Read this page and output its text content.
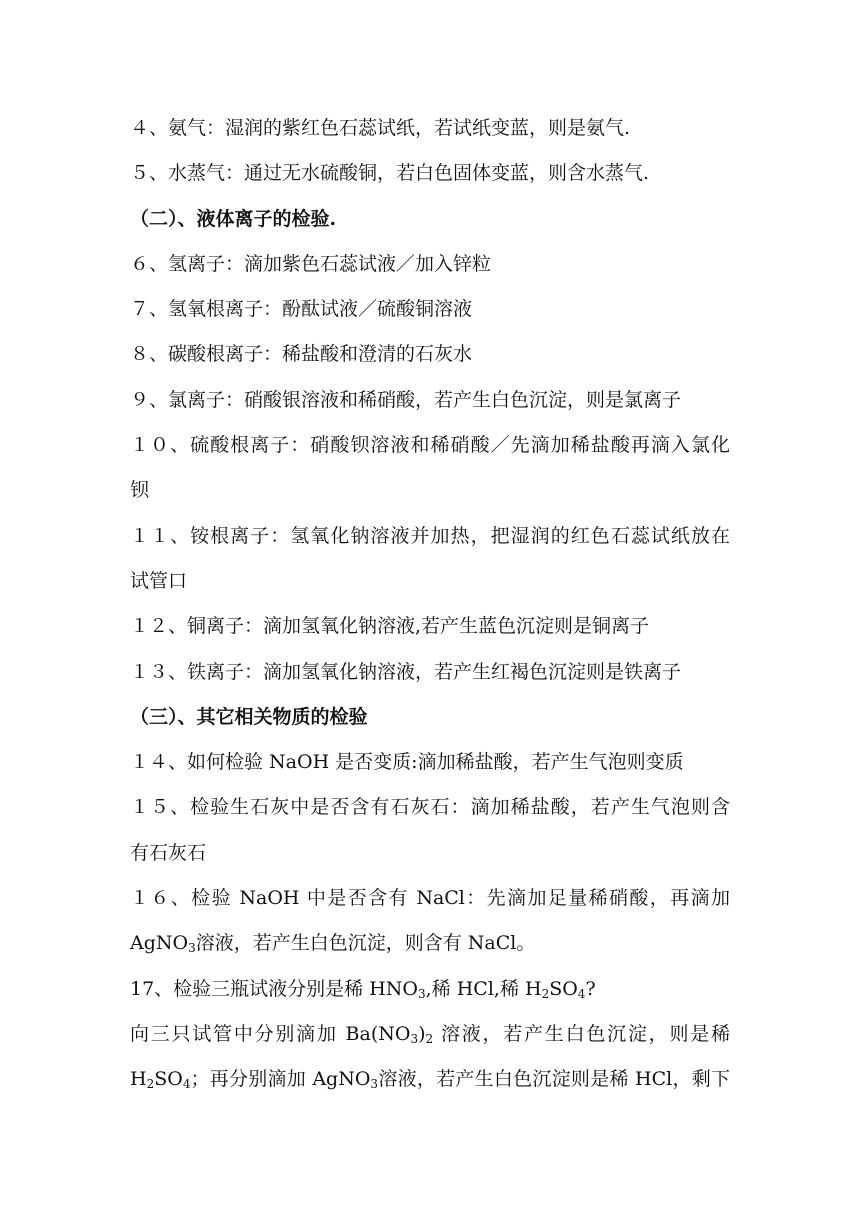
４、氨气：湿润的紫红色石蕊试纸，若试纸变蓝，则是氨气.
５、水蒸气：通过无水硫酸铜，若白色固体变蓝，则含水蒸气.
（二）、液体离子的检验.
６、氢离子：滴加紫色石蕊试液／加入锌粒
７、氢氧根离子：酚酞试液／硫酸铜溶液
８、碳酸根离子：稀盐酸和澄清的石灰水
９、氯离子：硝酸银溶液和稀硝酸，若产生白色沉淀，则是氯离子
１０、硫酸根离子：硝酸钡溶液和稀硝酸／先滴加稀盐酸再滴入氯化
钡
１１、铵根离子：氢氧化钠溶液并加热，把湿润的红色石蕊试纸放在
试管口
１２、铜离子：滴加氢氧化钠溶液,若产生蓝色沉淀则是铜离子
１３、铁离子：滴加氢氧化钠溶液，若产生红褐色沉淀则是铁离子
（三）、其它相关物质的检验
１４、如何检验 NaOH 是否变质:滴加稀盐酸，若产生气泡则变质
１５、检验生石灰中是否含有石灰石：滴加稀盐酸，若产生气泡则含
有石灰石
１６、检验 NaOH 中是否含有 NaCl：先滴加足量稀硝酸，再滴加
AgNO$_3$溶液，若产生白色沉淀，则含有 NaCl。
17、检验三瓶试液分别是稀 $HNO_3$,稀 HCl,稀 $H_2SO_4$?
向三只试管中分别滴加 $Ba(NO_3)_2$ 溶液，若产生白色沉淀，则是稀
$H_2SO_4$；再分别滴加 AgNO$_3$溶液，若产生白色沉淀则是稀 HCl，剩下
